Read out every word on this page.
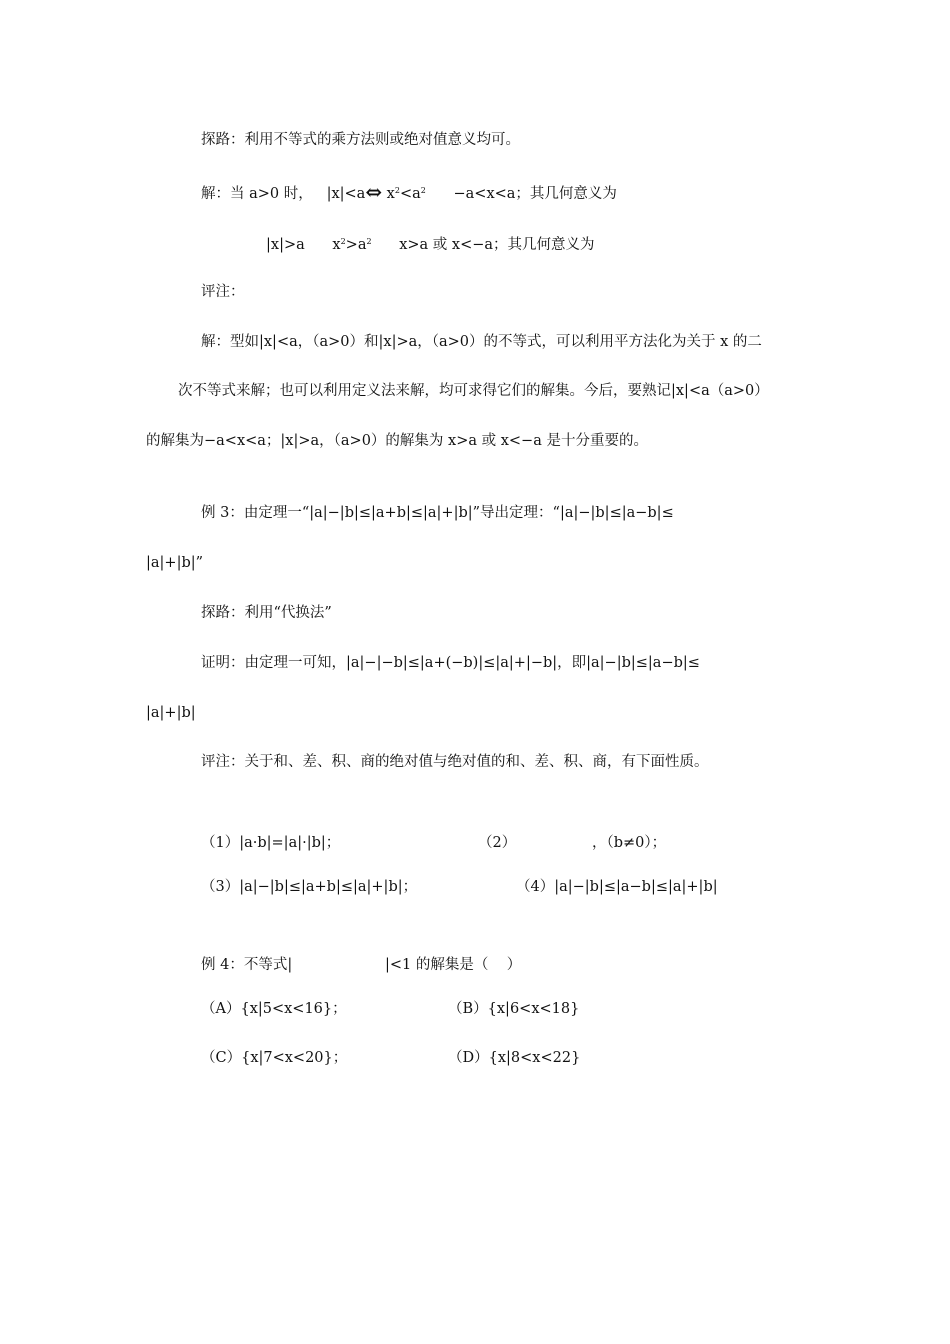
探路：利用不等式的乘方法则或绝对值意义均可。
解：当 a>0 时，   |x|<a⇔ $x^2<a^2$      −a<x<a；其几何意义为
|x|>a      $x^2>a^2$      x>a 或 x<−a；其几何意义为
评注：
解：型如|x|<a，（a>0）和|x|>a，（a>0）的不等式，可以利用平方法化为关于 x 的二
次不等式来解；也可以利用定义法来解，均可求得它们的解集。今后，要熟记|x|<a（a>0）
的解集为−a<x<a；|x|>a，（a>0）的解集为 x>a 或 x<−a 是十分重要的。
例 3：由定理一“|a|−|b|≤|a+b|≤|a|+|b|”导出定理：“|a|−|b|≤|a−b|≤
|a|+|b|”
探路：利用“代换法”
证明：由定理一可知，|a|−|−b|≤|a+(−b)|≤|a|+|−b|，即|a|−|b|≤|a−b|≤
|a|+|b|
评注：关于和、差、积、商的绝对值与绝对值的和、差、积、商，有下面性质。
（1）|a·b|=|a|·|b|；	（2）	，（b≠0）；
（3）|a|−|b|≤|a+b|≤|a|+|b|；	（4）|a|−|b|≤|a−b|≤|a|+|b|
例 4：不等式|	|<1 的解集是（    ）
（A）{x|5<x<16}；	（B）{x|6<x<18}
（C）{x|7<x<20}；	（D）{x|8<x<22}
